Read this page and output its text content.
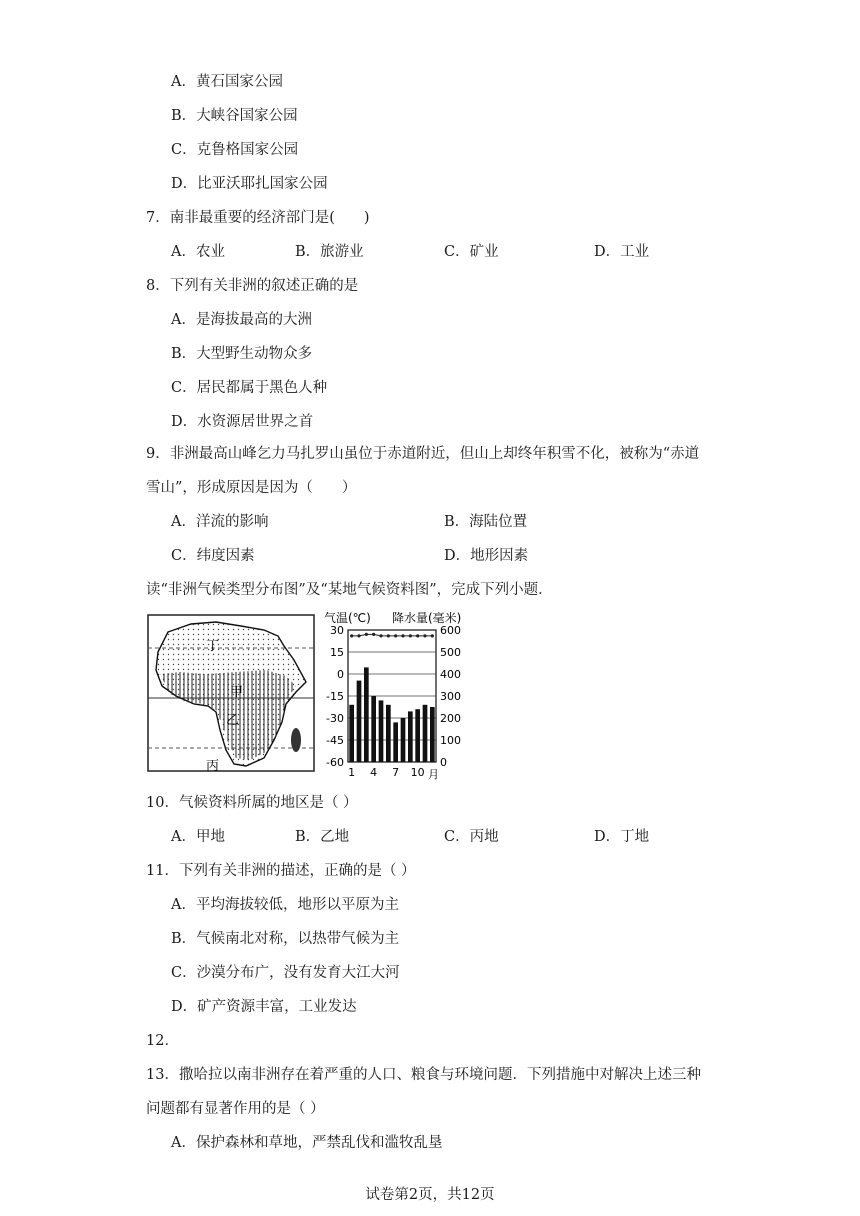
A．黄石国家公园
B．大峡谷国家公园
C．克鲁格国家公园
D．比亚沃耶扎国家公园
7．南非最重要的经济部门是(　　)
A．农业	B．旅游业	C．矿业	D．工业
8．下列有关非洲的叙述正确的是
A．是海拔最高的大洲
B．大型野生动物众多
C．居民都属于黑色人种
D．水资源居世界之首
9．非洲最高山峰乞力马扎罗山虽位于赤道附近，但山上却终年积雪不化，被称为“赤道
雪山”，形成原因是因为（　　）
A．洋流的影响	B．海陆位置
C．纬度因素	D．地形因素
读“非洲气候类型分布图”及“某地气候资料图”，完成下列小题．
丁
甲
乙
丙
气温(℃) 降水量(毫米)
30
15
0
-15
-30
-45
-60
600
500
400
300
200
100
0
1 4 7 10 月
10．气候资料所属的地区是（ ）
A．甲地	B．乙地	C．丙地	D．丁地
11．下列有关非洲的描述，正确的是（ ）
A．平均海拔较低，地形以平原为主
B．气候南北对称，以热带气候为主
C．沙漠分布广，没有发育大江大河
D．矿产资源丰富，工业发达
12．
13．撒哈拉以南非洲存在着严重的人口、粮食与环境问题．下列措施中对解决上述三种
问题都有显著作用的是（ ）
A．保护森林和草地，严禁乱伐和滥牧乱垦
试卷第2页，共12页
